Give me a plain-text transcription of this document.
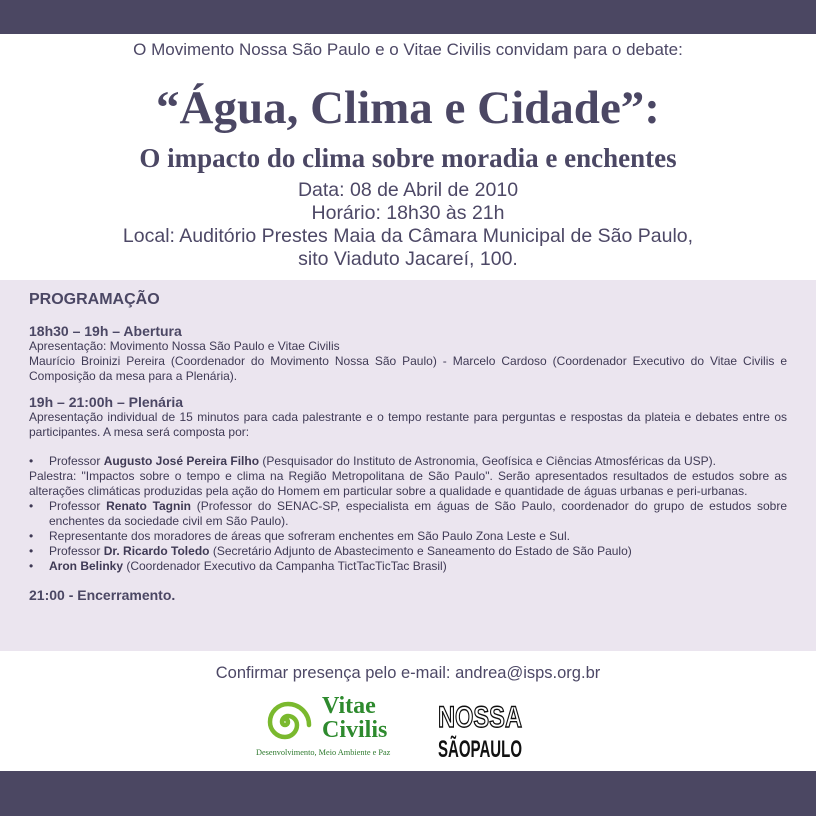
O Movimento Nossa São Paulo e o Vitae Civilis convidam para o debate:
“Água, Clima e Cidade”:
O impacto do clima sobre moradia e enchentes
Data: 08 de Abril de 2010
Horário: 18h30 às 21h
Local: Auditório Prestes Maia da Câmara Municipal de São Paulo,
sito Viaduto Jacareí, 100.
PROGRAMAÇÃO
18h30 – 19h – Abertura

Apresentação: Movimento Nossa São Paulo e Vitae Civilis

Maurício Broinizi Pereira (Coordenador do Movimento Nossa São Paulo) - Marcelo Cardoso (Coordenador Executivo do Vitae Civilis e Composição da mesa para a Plenária).

19h – 21:00h – Plenária

Apresentação individual de 15 minutos para cada palestrante e o tempo restante para perguntas e respostas da plateia e debates entre os participantes. A mesa será composta por:

• Professor Augusto José Pereira Filho (Pesquisador do Instituto de Astronomia, Geofísica e Ciências Atmosféricas da USP).
Palestra: "Impactos sobre o tempo e clima na Região Metropolitana de São Paulo". Serão apresentados resultados de estudos sobre as alterações climáticas produzidas pela ação do Homem em particular sobre a qualidade e quantidade de águas urbanas e peri-urbanas.
• Professor Renato Tagnin (Professor do SENAC-SP, especialista em águas de São Paulo, coordenador do grupo de estudos sobre enchentes da sociedade civil em São Paulo).
• Representante dos moradores de áreas que sofreram enchentes em São Paulo Zona Leste e Sul.
• Professor Dr. Ricardo Toledo (Secretário Adjunto de Abastecimento e Saneamento do Estado de São Paulo)
• Aron Belinky (Coordenador Executivo da Campanha TictTacTicTac Brasil)
21:00 - Encerramento.
Confirmar presença pelo e-mail: andrea@isps.org.br
Vitae
Civilis
Desenvolvimento, Meio Ambiente e Paz
NOSSA
SÃOPAULO
